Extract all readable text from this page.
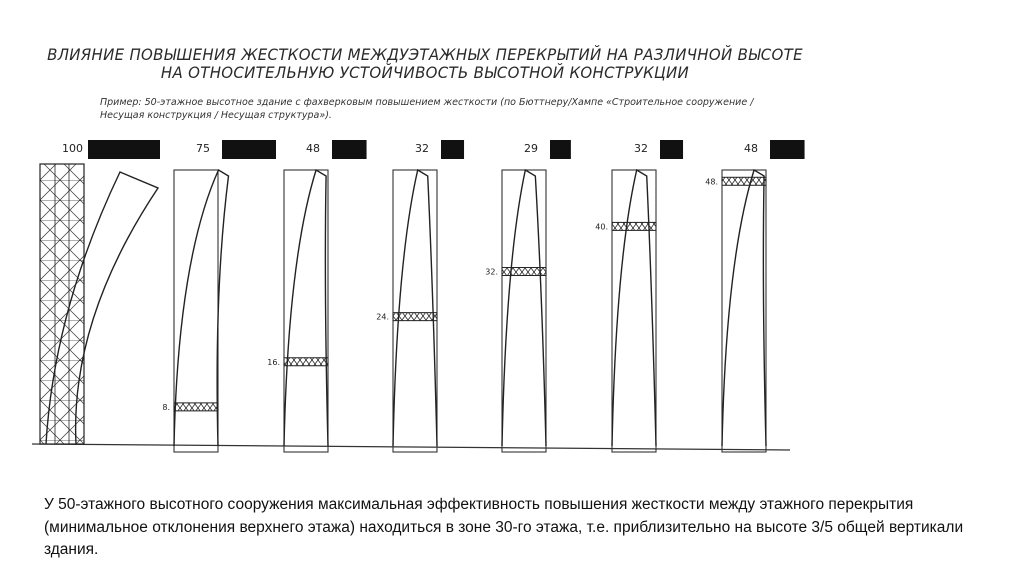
ВЛИЯНИЕ ПОВЫШЕНИЯ ЖЕСТКОСТИ МЕЖДУЭТАЖНЫХ ПЕРЕКРЫТИЙ НА РАЗЛИЧНОЙ ВЫСОТЕ
НА ОТНОСИТЕЛЬНУЮ УСТОЙЧИВОСТЬ ВЫСОТНОЙ КОНСТРУКЦИИ
Пример: 50-этажное высотное здание с фахверковым повышением жесткости (по Бюттнеру/Хампе «Строительное сооружение /
Несущая конструкция / Несущая структура»).
100	75
8.
48
16.
32
24.
29
32.
32
40.
48
48.
У 50-этажного высотного сооружения максимальная эффективность повышения жесткости между этажного перекрытия (минимальное отклонения верхнего этажа) находиться в зоне 30-го этажа, т.е. приблизительно на высоте 3/5 общей вертикали здания.
